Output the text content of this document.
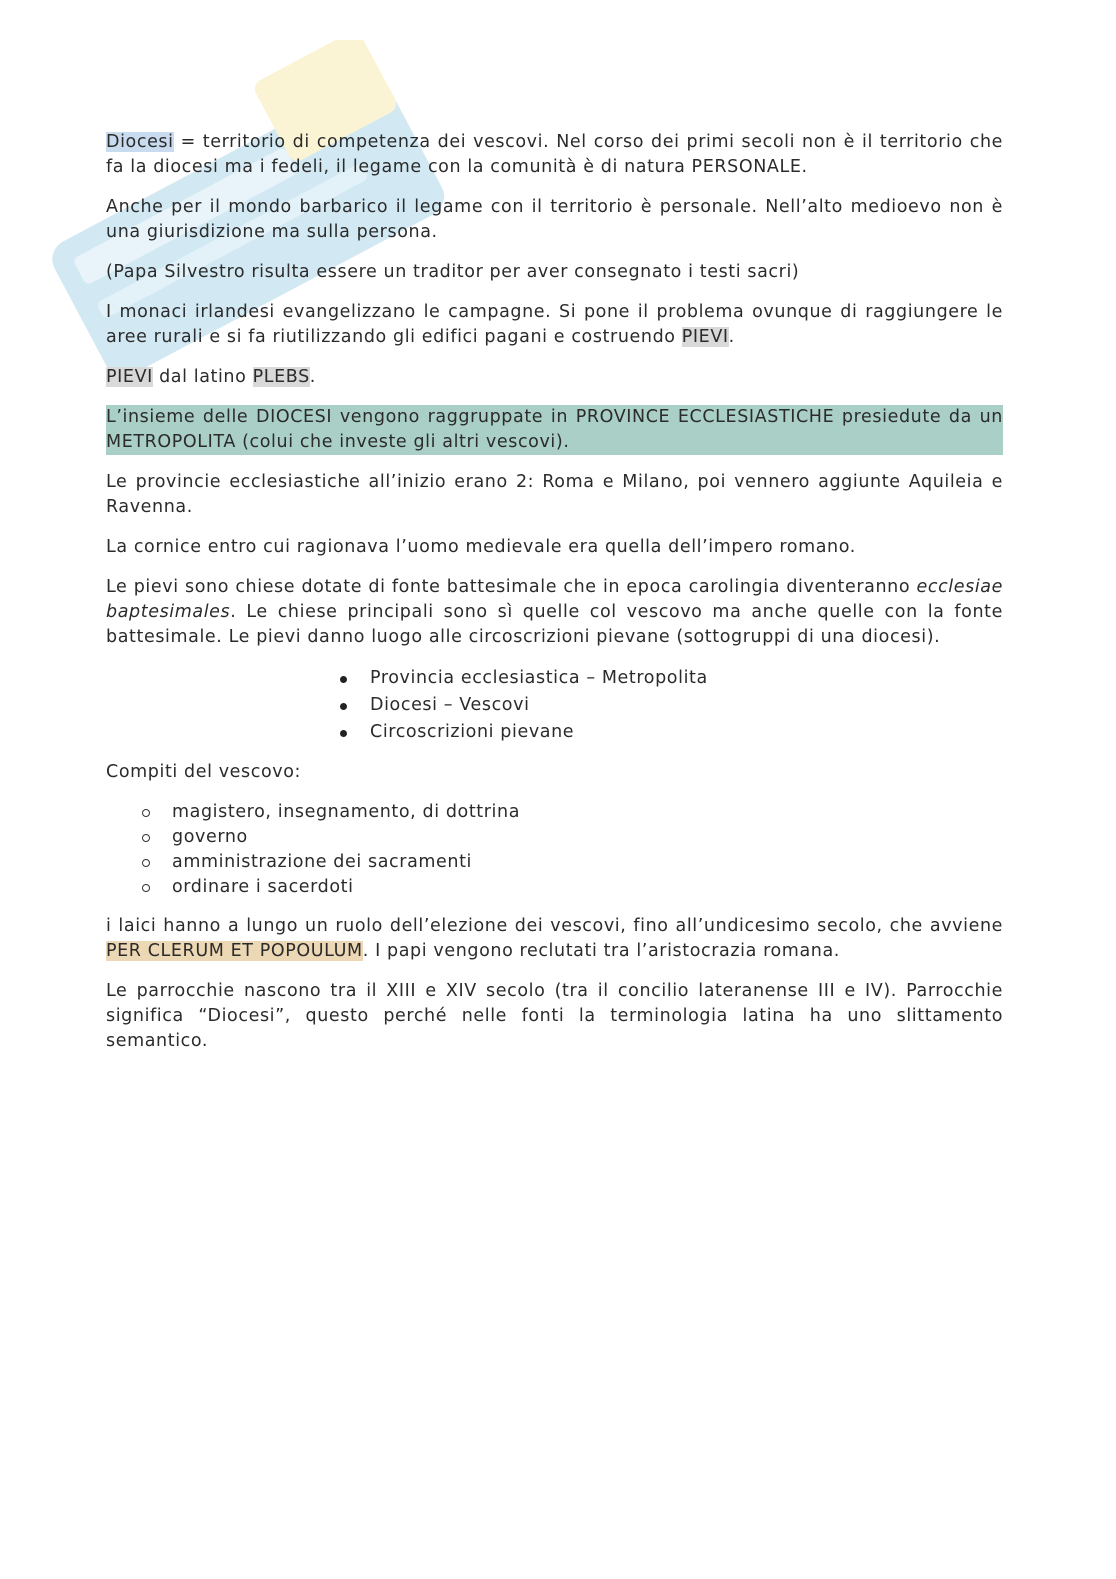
Diocesi = territorio di competenza dei vescovi. Nel corso dei primi secoli non è il territorio che fa la diocesi ma i fedeli, il legame con la comunità è di natura PERSONALE.

Anche per il mondo barbarico il legame con il territorio è personale. Nell’alto medioevo non è una giurisdizione ma sulla persona.

(Papa Silvestro risulta essere un traditor per aver consegnato i testi sacri)

I monaci irlandesi evangelizzano le campagne. Si pone il problema ovunque di raggiungere le aree rurali e si fa riutilizzando gli edifici pagani e costruendo PIEVI.

PIEVI dal latino PLEBS.

L’insieme delle DIOCESI vengono raggruppate in PROVINCE ECCLESIASTICHE presiedute da un METROPOLITA (colui che investe gli altri vescovi).

Le provincie ecclesiastiche all’inizio erano 2: Roma e Milano, poi vennero aggiunte Aquileia e Ravenna.

La cornice entro cui ragionava l’uomo medievale era quella dell’impero romano.

Le pievi sono chiese dotate di fonte battesimale che in epoca carolingia diventeranno ecclesiae baptesimales. Le chiese principali sono sì quelle col vescovo ma anche quelle con la fonte battesimale. Le pievi danno luogo alle circoscrizioni pievane (sottogruppi di una diocesi).

Provincia ecclesiastica – Metropolita
Diocesi – Vescovi
Circoscrizioni pievane

Compiti del vescovo:

magistero, insegnamento, di dottrina
governo
amministrazione dei sacramenti
ordinare i sacerdoti

i laici hanno a lungo un ruolo dell’elezione dei vescovi, fino all’undicesimo secolo, che avviene PER CLERUM ET POPOULUM. I papi vengono reclutati tra l’aristocrazia romana.

Le parrocchie nascono tra il XIII e XIV secolo (tra il concilio lateranense III e IV). Parrocchie significa “Diocesi”, questo perché nelle fonti la terminologia latina ha uno slittamento semantico.
